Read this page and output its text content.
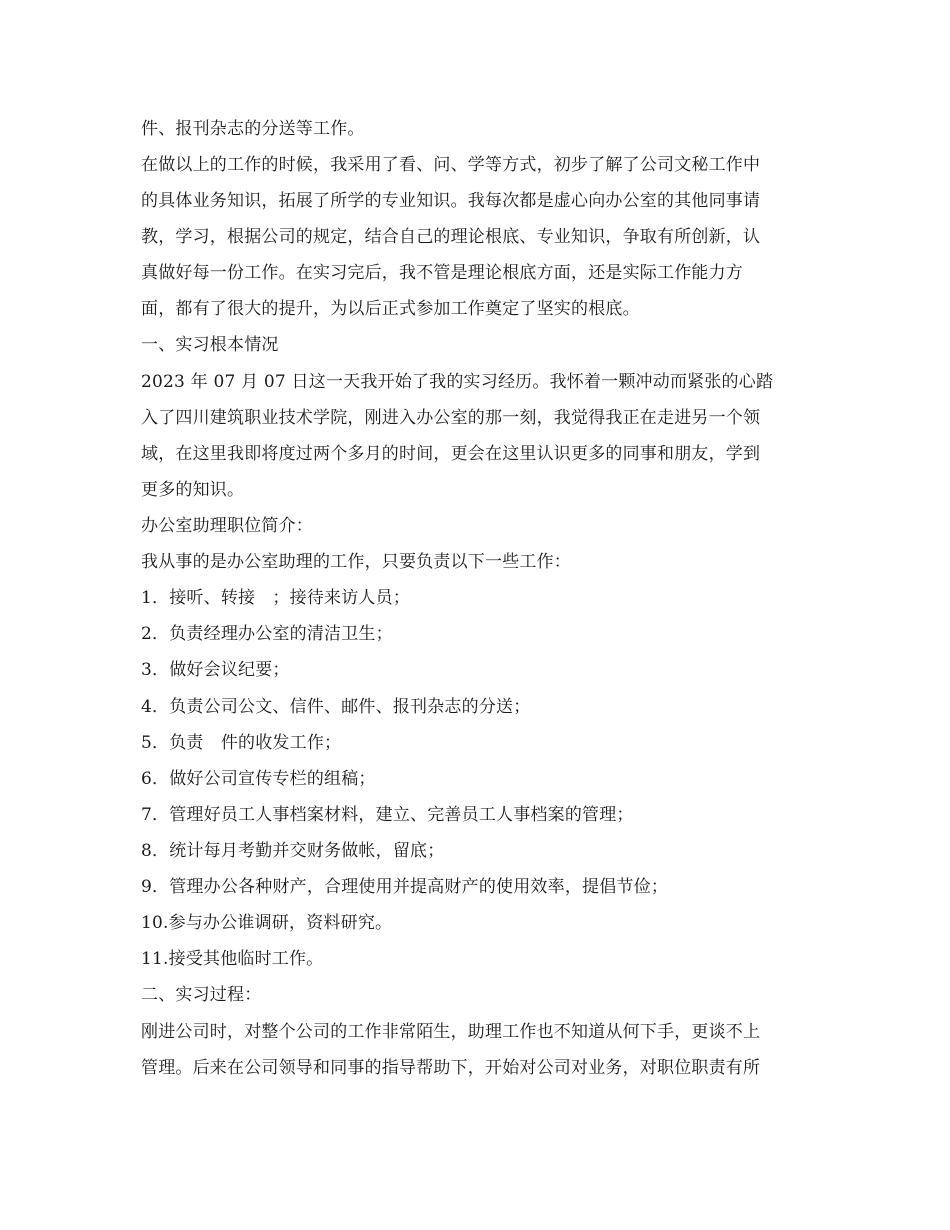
件、报刊杂志的分送等工作。
在做以上的工作的时候，我采用了看、问、学等方式，初步了解了公司文秘工作中
的具体业务知识，拓展了所学的专业知识。我每次都是虚心向办公室的其他同事请
教，学习，根据公司的规定，结合自己的理论根底、专业知识，争取有所创新，认
真做好每一份工作。在实习完后，我不管是理论根底方面，还是实际工作能力方
面，都有了很大的提升，为以后正式参加工作奠定了坚实的根底。
一、实习根本情况
2023 年 07 月 07 日这一天我开始了我的实习经历。我怀着一颗冲动而紧张的心踏
入了四川建筑职业技术学院，刚进入办公室的那一刻，我觉得我正在走进另一个领
域，在这里我即将度过两个多月的时间，更会在这里认识更多的同事和朋友，学到
更多的知识。
办公室助理职位简介：
我从事的是办公室助理的工作，只要负责以下一些工作：
1．接听、转接　；接待来访人员；
2．负责经理办公室的清洁卫生；
3．做好会议纪要；
4．负责公司公文、信件、邮件、报刊杂志的分送；
5．负责　件的收发工作；
6．做好公司宣传专栏的组稿；
7．管理好员工人事档案材料，建立、完善员工人事档案的管理；
8．统计每月考勤并交财务做帐，留底；
9．管理办公各种财产，合理使用并提高财产的使用效率，提倡节俭；
10.参与办公谁调研，资料研究。
11.接受其他临时工作。
二、实习过程：
刚进公司时，对整个公司的工作非常陌生，助理工作也不知道从何下手，更谈不上
管理。后来在公司领导和同事的指导帮助下，开始对公司对业务，对职位职责有所
